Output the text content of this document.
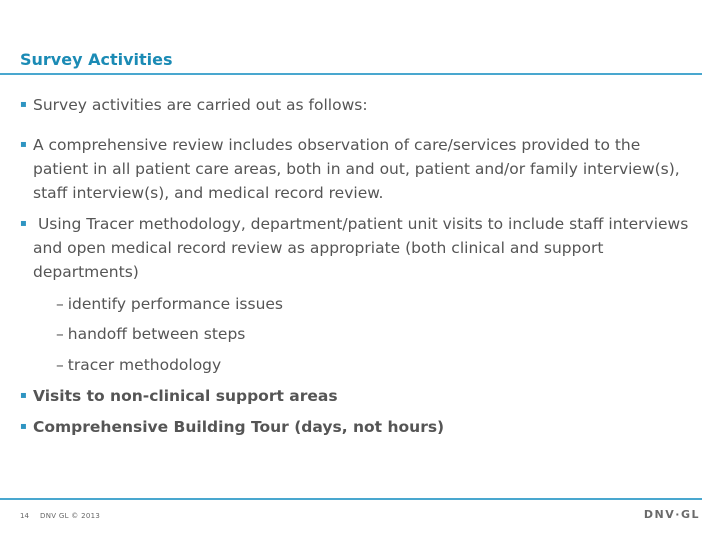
Survey Activities
▪ Survey activities are carried out as follows:
▪ A comprehensive review includes observation of care/services provided to the patient in all patient care areas, both in and out, patient and/or family interview(s), staff interview(s), and medical record review.
▪ Using Tracer methodology, department/patient unit visits to include staff interviews and open medical record review as appropriate (both clinical and support departments)
– identify performance issues
– handoff between steps
– tracer methodology
▪ Visits to non-clinical support areas
▪ Comprehensive Building Tour (days, not hours)
14 DNV GL © 2013	DNV·GL
